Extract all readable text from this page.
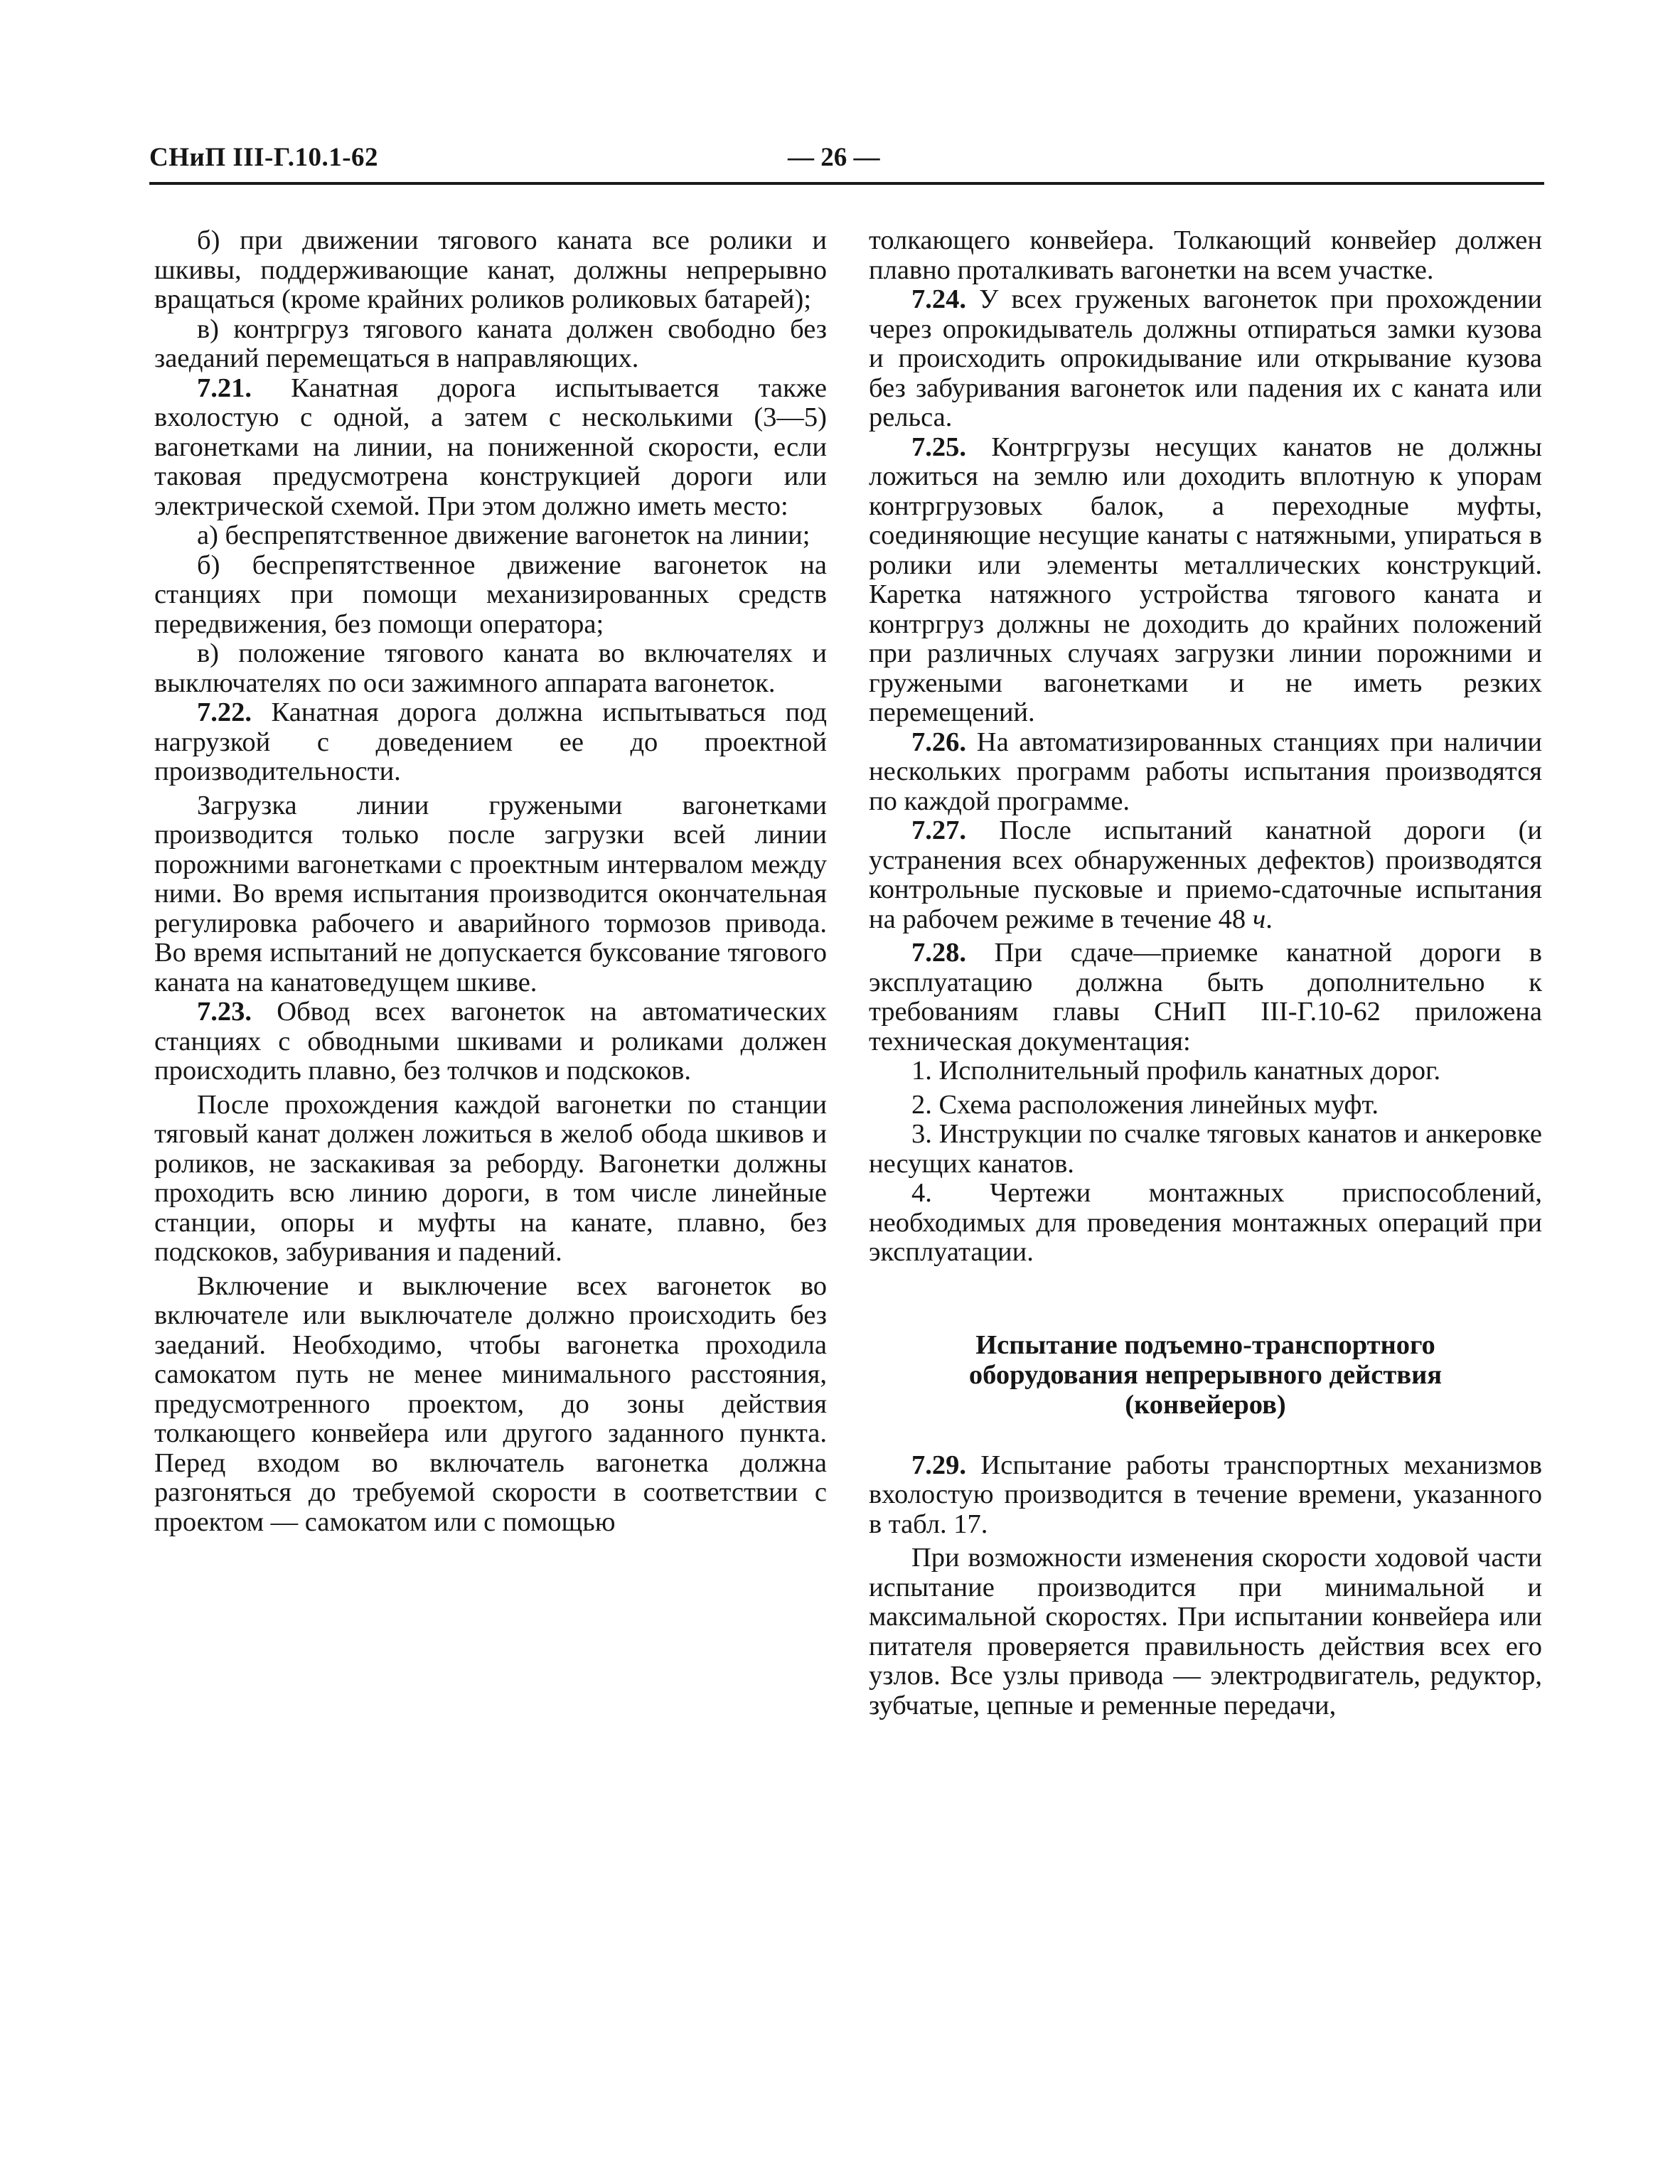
СНиП III-Г.10.1-62	— 26 —

б) при движении тягового каната все ролики и шкивы, поддерживающие канат, должны непрерывно вращаться (кроме крайних роликов роликовых батарей);

в) контргруз тягового каната должен свободно без заеданий перемещаться в направляющих.

7.21. Канатная дорога испытывается также вхолостую с одной, а затем с несколькими (3—5) вагонетками на линии, на пониженной скорости, если таковая предусмотрена конструкцией дороги или электрической схемой. При этом должно иметь место:

а) беспрепятственное движение вагонеток на линии;

б) беспрепятственное движение вагонеток на станциях при помощи механизированных средств передвижения, без помощи оператора;

в) положение тягового каната во включателях и выключателях по оси зажимного аппарата вагонеток.

7.22. Канатная дорога должна испытываться под нагрузкой с доведением ее до проектной производительности.

Загрузка линии гружеными вагонетками производится только после загрузки всей линии порожними вагонетками с проектным интервалом между ними. Во время испытания производится окончательная регулировка рабочего и аварийного тормозов привода. Во время испытаний не допускается буксование тягового каната на канатоведущем шкиве.

7.23. Обвод всех вагонеток на автоматических станциях с обводными шкивами и роликами должен происходить плавно, без толчков и подскоков.

После прохождения каждой вагонетки по станции тяговый канат должен ложиться в желоб обода шкивов и роликов, не заскакивая за реборду. Вагонетки должны проходить всю линию дороги, в том числе линейные станции, опоры и муфты на канате, плавно, без подскоков, забуривания и падений.

Включение и выключение всех вагонеток во включателе или выключателе должно происходить без заеданий. Необходимо, чтобы вагонетка проходила самокатом путь не менее минимального расстояния, предусмотренного проектом, до зоны действия толкающего конвейера или другого заданного пункта. Перед входом во включатель вагонетка должна разгоняться до требуемой скорости в соответствии с проектом — самокатом или с помощью

толкающего конвейера. Толкающий конвейер должен плавно проталкивать вагонетки на всем участке.

7.24. У всех груженых вагонеток при прохождении через опрокидыватель должны отпираться замки кузова и происходить опрокидывание или открывание кузова без забуривания вагонеток или падения их с каната или рельса.

7.25. Контргрузы несущих канатов не должны ложиться на землю или доходить вплотную к упорам контргрузовых балок, а переходные муфты, соединяющие несущие канаты с натяжными, упираться в ролики или элементы металлических конструкций. Каретка натяжного устройства тягового каната и контргруз должны не доходить до крайних положений при различных случаях загрузки линии порожними и гружеными вагонетками и не иметь резких перемещений.

7.26. На автоматизированных станциях при наличии нескольких программ работы испытания производятся по каждой программе.

7.27. После испытаний канатной дороги (и устранения всех обнаруженных дефектов) производятся контрольные пусковые и приемо-сдаточные испытания на рабочем режиме в течение 48 ч.

7.28. При сдаче—приемке канатной дороги в эксплуатацию должна быть дополнительно к требованиям главы СНиП III-Г.10-62 приложена техническая документация:

1. Исполнительный профиль канатных дорог.

2. Схема расположения линейных муфт.

3. Инструкции по счалке тяговых канатов и анкеровке несущих канатов.

4. Чертежи монтажных приспособлений, необходимых для проведения монтажных операций при эксплуатации.

Испытание подъемно-транспортного
оборудования непрерывного действия
(конвейеров)

7.29. Испытание работы транспортных механизмов вхолостую производится в течение времени, указанного в табл. 17.

При возможности изменения скорости ходовой части испытание производится при минимальной и максимальной скоростях. При испытании конвейера или питателя проверяется правильность действия всех его узлов. Все узлы привода — электродвигатель, редуктор, зубчатые, цепные и ременные передачи,
